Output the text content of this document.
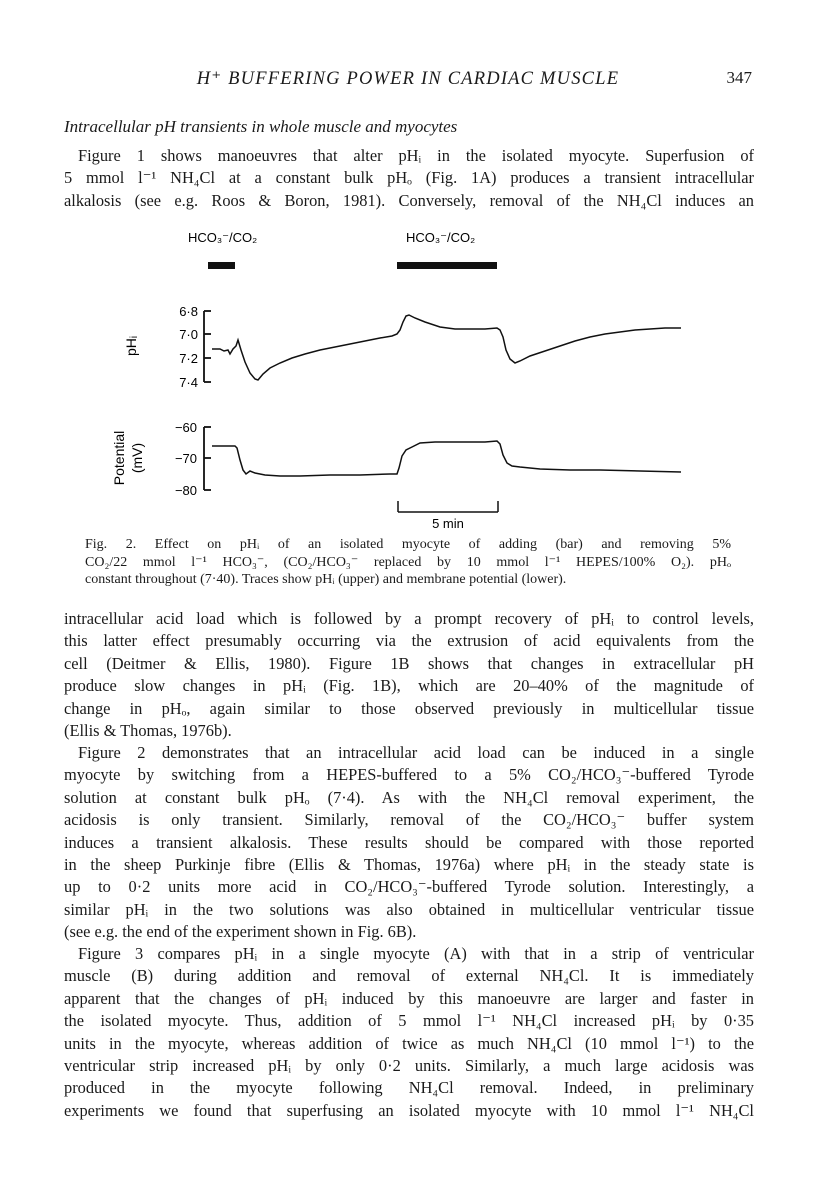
H⁺ BUFFERING POWER IN CARDIAC MUSCLE	347
Intracellular pH transients in whole muscle and myocytes
Figure 1 shows manoeuvres that alter pHᵢ in the isolated myocyte. Superfusion of
5 mmol l⁻¹ NH₄Cl at a constant bulk pHₒ (Fig. 1A) produces a transient intracellular
alkalosis (see e.g. Roos & Boron, 1981). Conversely, removal of the NH₄Cl induces an
HCO₃⁻/CO₂	HCO₃⁻/CO₂
6·8
7·0
7·2
7·4
pHᵢ
−60
−70
−80
Potential (mV)
5 min
Fig. 2. Effect on pHᵢ of an isolated myocyte of adding (bar) and removing 5%
CO₂/22 mmol l⁻¹ HCO₃⁻, (CO₂/HCO₃⁻ replaced by 10 mmol l⁻¹ HEPES/100% O₂). pHₒ
constant throughout (7·40). Traces show pHᵢ (upper) and membrane potential (lower).
intracellular acid load which is followed by a prompt recovery of pHᵢ to control levels,
this latter effect presumably occurring via the extrusion of acid equivalents from the
cell (Deitmer & Ellis, 1980). Figure 1B shows that changes in extracellular pH
produce slow changes in pHᵢ (Fig. 1B), which are 20–40% of the magnitude of
change in pHₒ, again similar to those observed previously in multicellular tissue
(Ellis & Thomas, 1976b).
Figure 2 demonstrates that an intracellular acid load can be induced in a single
myocyte by switching from a HEPES-buffered to a 5% CO₂/HCO₃⁻-buffered Tyrode
solution at constant bulk pHₒ (7·4). As with the NH₄Cl removal experiment, the
acidosis is only transient. Similarly, removal of the CO₂/HCO₃⁻ buffer system
induces a transient alkalosis. These results should be compared with those reported
in the sheep Purkinje fibre (Ellis & Thomas, 1976a) where pHᵢ in the steady state is
up to 0·2 units more acid in CO₂/HCO₃⁻-buffered Tyrode solution. Interestingly, a
similar pHᵢ in the two solutions was also obtained in multicellular ventricular tissue
(see e.g. the end of the experiment shown in Fig. 6B).
Figure 3 compares pHᵢ in a single myocyte (A) with that in a strip of ventricular
muscle (B) during addition and removal of external NH₄Cl. It is immediately
apparent that the changes of pHᵢ induced by this manoeuvre are larger and faster in
the isolated myocyte. Thus, addition of 5 mmol l⁻¹ NH₄Cl increased pHᵢ by 0·35
units in the myocyte, whereas addition of twice as much NH₄Cl (10 mmol l⁻¹) to the
ventricular strip increased pHᵢ by only 0·2 units. Similarly, a much large acidosis was
produced in the myocyte following NH₄Cl removal. Indeed, in preliminary
experiments we found that superfusing an isolated myocyte with 10 mmol l⁻¹ NH₄Cl
